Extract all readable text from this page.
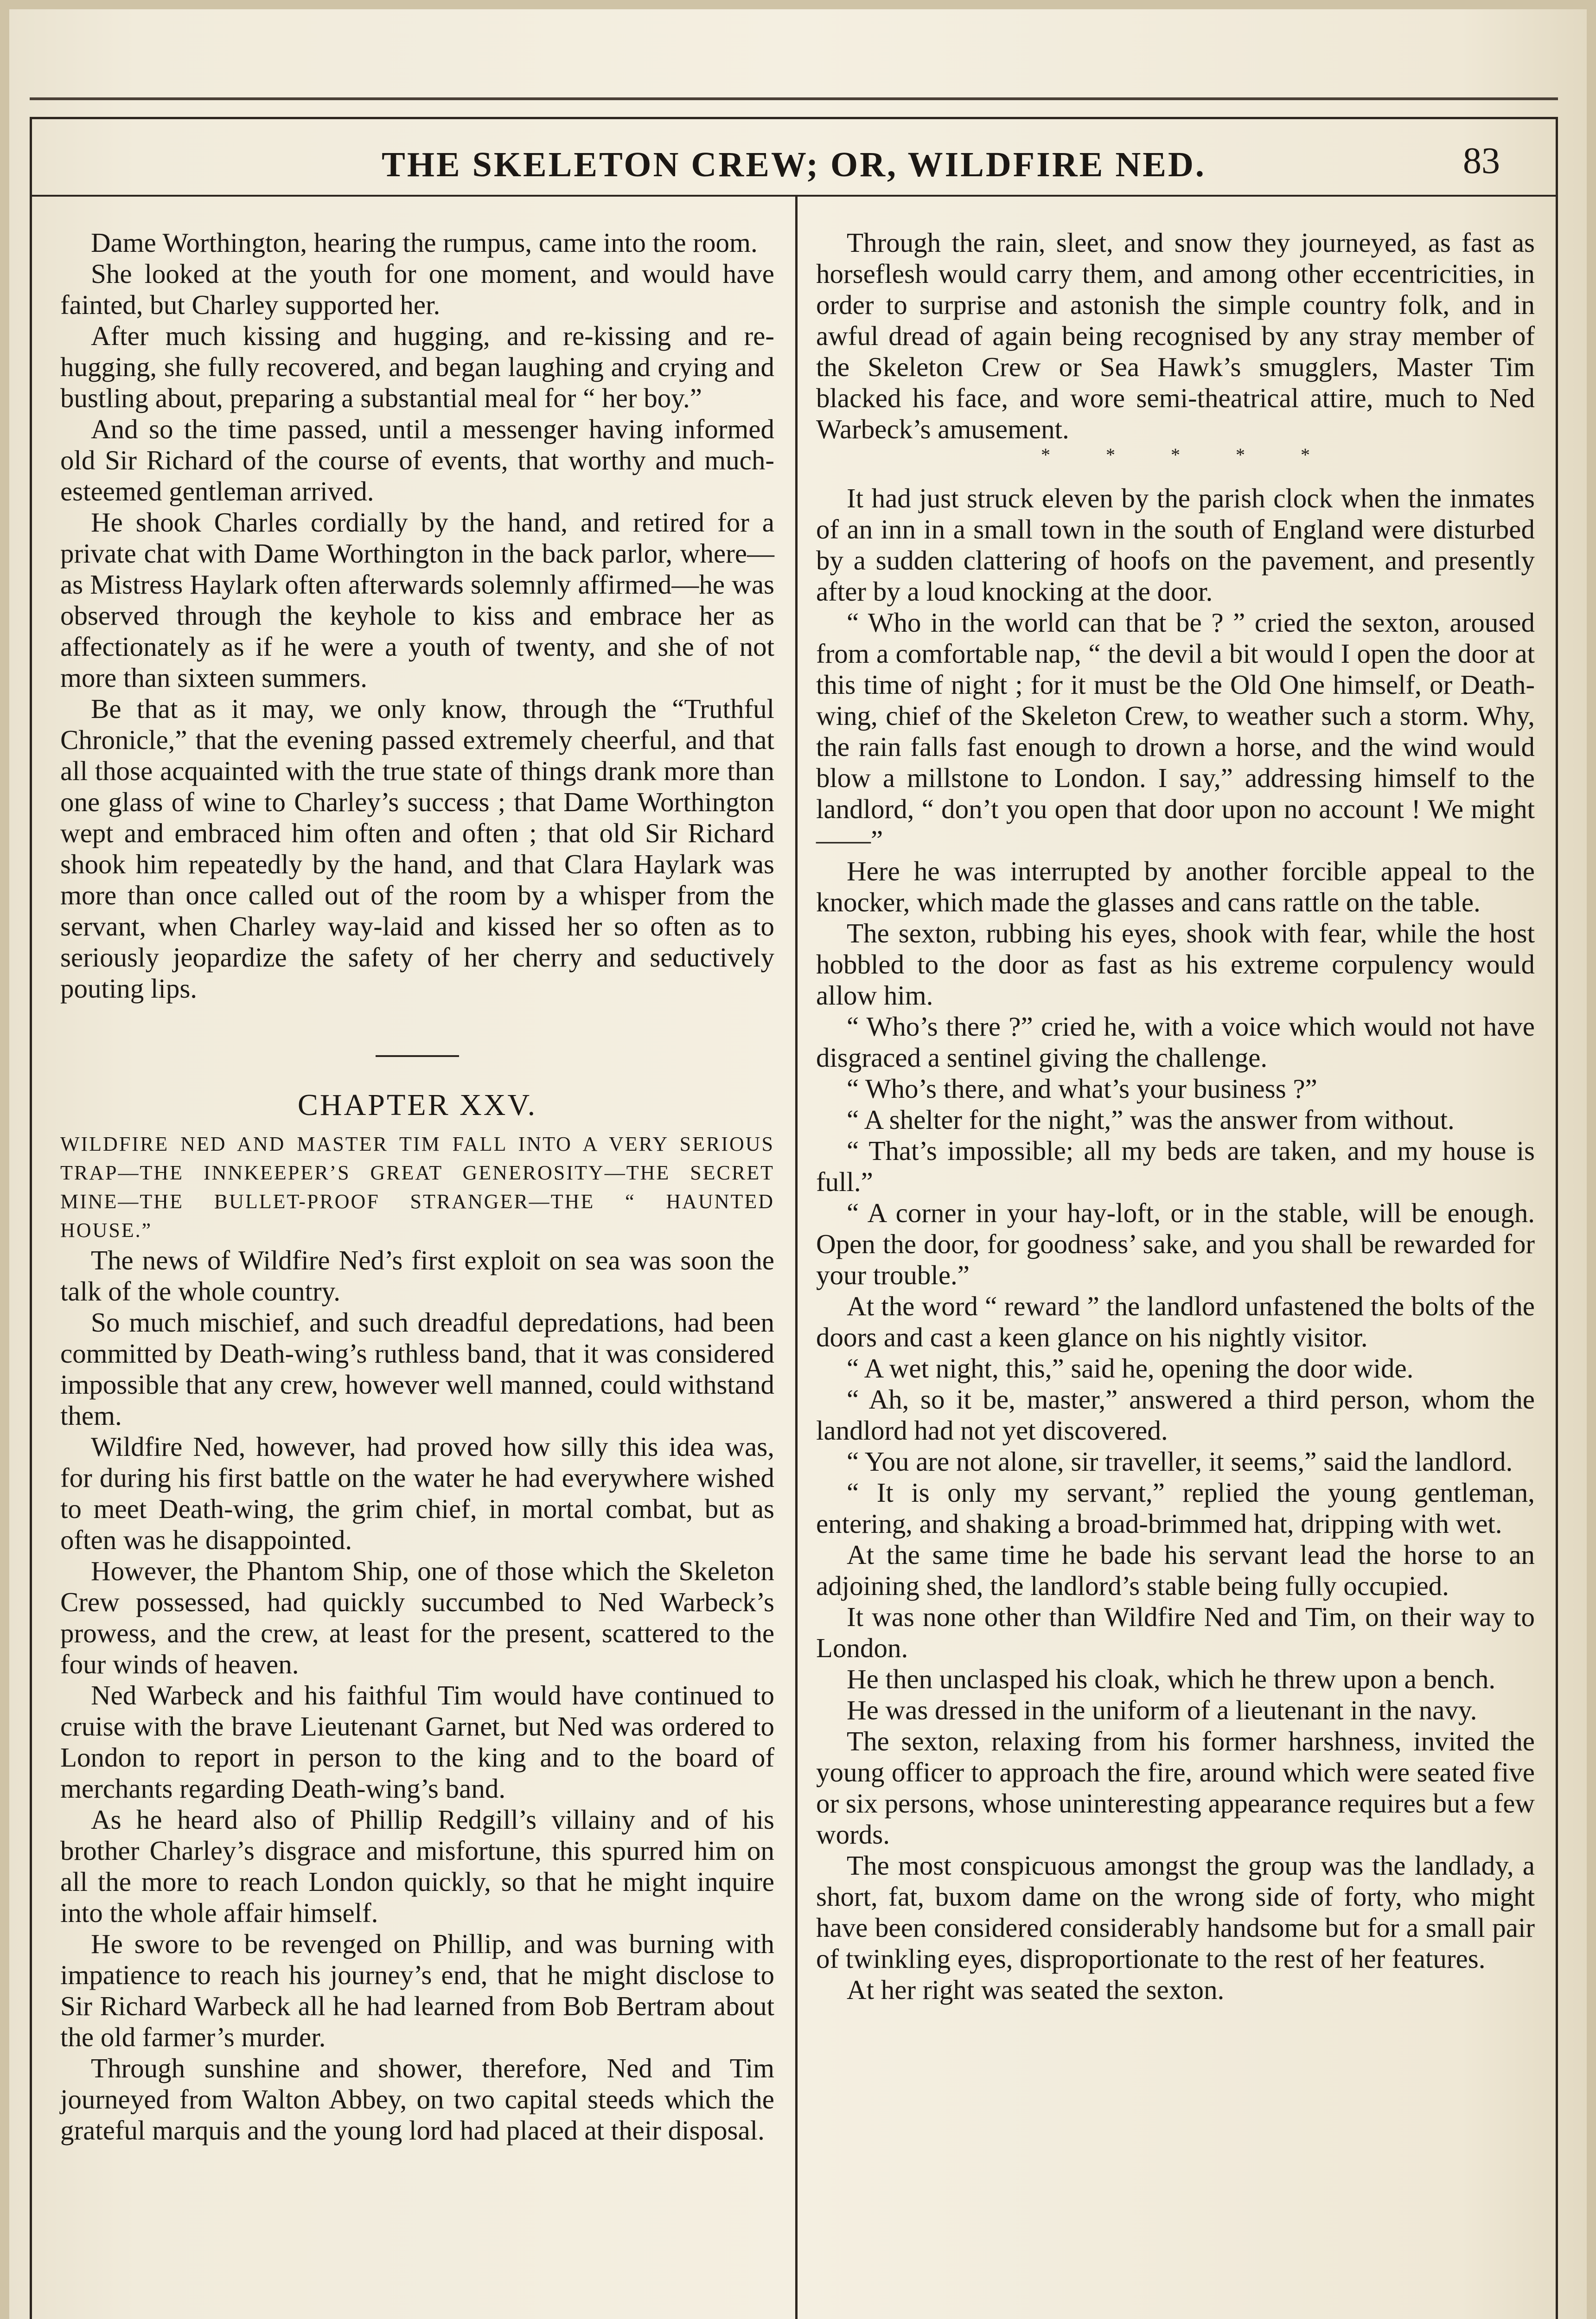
THE SKELETON CREW; OR, WILDFIRE NED.	83

Dame Worthington, hearing the rumpus, came into the room.

She looked at the youth for one moment, and would have fainted, but Charley supported her.

After much kissing and hugging, and re-kissing and re-hugging, she fully recovered, and began laughing and crying and bustling about, preparing a substantial meal for “ her boy.”

And so the time passed, until a messenger having informed old Sir Richard of the course of events, that worthy and much-esteemed gentleman arrived.

He shook Charles cordially by the hand, and retired for a private chat with Dame Worthington in the back parlor, where—as Mistress Haylark often afterwards solemnly affirmed—he was observed through the keyhole to kiss and embrace her as affectionately as if he were a youth of twenty, and she of not more than sixteen summers.

Be that as it may, we only know, through the “Truthful Chronicle,” that the evening passed extremely cheerful, and that all those acquainted with the true state of things drank more than one glass of wine to Charley’s success ; that Dame Worthington wept and embraced him often and often ; that old Sir Richard shook him repeatedly by the hand, and that Clara Haylark was more than once called out of the room by a whisper from the servant, when Charley way-laid and kissed her so often as to seriously jeopardize the safety of her cherry and seductively pouting lips.

CHAPTER XXV.

WILDFIRE NED AND MASTER TIM FALL INTO A VERY SERIOUS TRAP—THE INNKEEPER’S GREAT GENEROSITY—THE SECRET MINE—THE BULLET-PROOF STRANGER—THE “ HAUNTED HOUSE.”

The news of Wildfire Ned’s first exploit on sea was soon the talk of the whole country.

So much mischief, and such dreadful depredations, had been committed by Death-wing’s ruthless band, that it was considered impossible that any crew, however well manned, could withstand them.

Wildfire Ned, however, had proved how silly this idea was, for during his first battle on the water he had everywhere wished to meet Death-wing, the grim chief, in mortal combat, but as often was he disappointed.

However, the Phantom Ship, one of those which the Skeleton Crew possessed, had quickly succumbed to Ned Warbeck’s prowess, and the crew, at least for the present, scattered to the four winds of heaven.

Ned Warbeck and his faithful Tim would have continued to cruise with the brave Lieutenant Garnet, but Ned was ordered to London to report in person to the king and to the board of merchants regarding Death-wing’s band.

As he heard also of Phillip Redgill’s villainy and of his brother Charley’s disgrace and misfortune, this spurred him on all the more to reach London quickly, so that he might inquire into the whole affair himself.

He swore to be revenged on Phillip, and was burning with impatience to reach his journey’s end, that he might disclose to Sir Richard Warbeck all he had learned from Bob Bertram about the old farmer’s murder.

Through sunshine and shower, therefore, Ned and Tim journeyed from Walton Abbey, on two capital steeds which the grateful marquis and the young lord had placed at their disposal.

Through the rain, sleet, and snow they journeyed, as fast as horseflesh would carry them, and among other eccentricities, in order to surprise and astonish the simple country folk, and in awful dread of again being recognised by any stray member of the Skeleton Crew or Sea Hawk’s smugglers, Master Tim blacked his face, and wore semi-theatrical attire, much to Ned Warbeck’s amusement.

* * * * *

It had just struck eleven by the parish clock when the inmates of an inn in a small town in the south of England were disturbed by a sudden clattering of hoofs on the pavement, and presently after by a loud knocking at the door.

“ Who in the world can that be ? ” cried the sexton, aroused from a comfortable nap, “ the devil a bit would I open the door at this time of night ; for it must be the Old One himself, or Death-wing, chief of the Skeleton Crew, to weather such a storm. Why, the rain falls fast enough to drown a horse, and the wind would blow a millstone to London. I say,” addressing himself to the landlord, “ don’t you open that door upon no account ! We might——”

Here he was interrupted by another forcible appeal to the knocker, which made the glasses and cans rattle on the table.

The sexton, rubbing his eyes, shook with fear, while the host hobbled to the door as fast as his extreme corpulency would allow him.

“ Who’s there ?” cried he, with a voice which would not have disgraced a sentinel giving the challenge.

“ Who’s there, and what’s your business ?”

“ A shelter for the night,” was the answer from without.

“ That’s impossible; all my beds are taken, and my house is full.”

“ A corner in your hay-loft, or in the stable, will be enough. Open the door, for goodness’ sake, and you shall be rewarded for your trouble.”

At the word “ reward ” the landlord unfastened the bolts of the doors and cast a keen glance on his nightly visitor.

“ A wet night, this,” said he, opening the door wide.

“ Ah, so it be, master,” answered a third person, whom the landlord had not yet discovered.

“ You are not alone, sir traveller, it seems,” said the landlord.

“ It is only my servant,” replied the young gentleman, entering, and shaking a broad-brimmed hat, dripping with wet.

At the same time he bade his servant lead the horse to an adjoining shed, the landlord’s stable being fully occupied.

It was none other than Wildfire Ned and Tim, on their way to London.

He then unclasped his cloak, which he threw upon a bench.

He was dressed in the uniform of a lieutenant in the navy.

The sexton, relaxing from his former harshness, invited the young officer to approach the fire, around which were seated five or six persons, whose uninteresting appearance requires but a few words.

The most conspicuous amongst the group was the landlady, a short, fat, buxom dame on the wrong side of forty, who might have been considered considerably handsome but for a small pair of twinkling eyes, disproportionate to the rest of her features.

At her right was seated the sexton.
